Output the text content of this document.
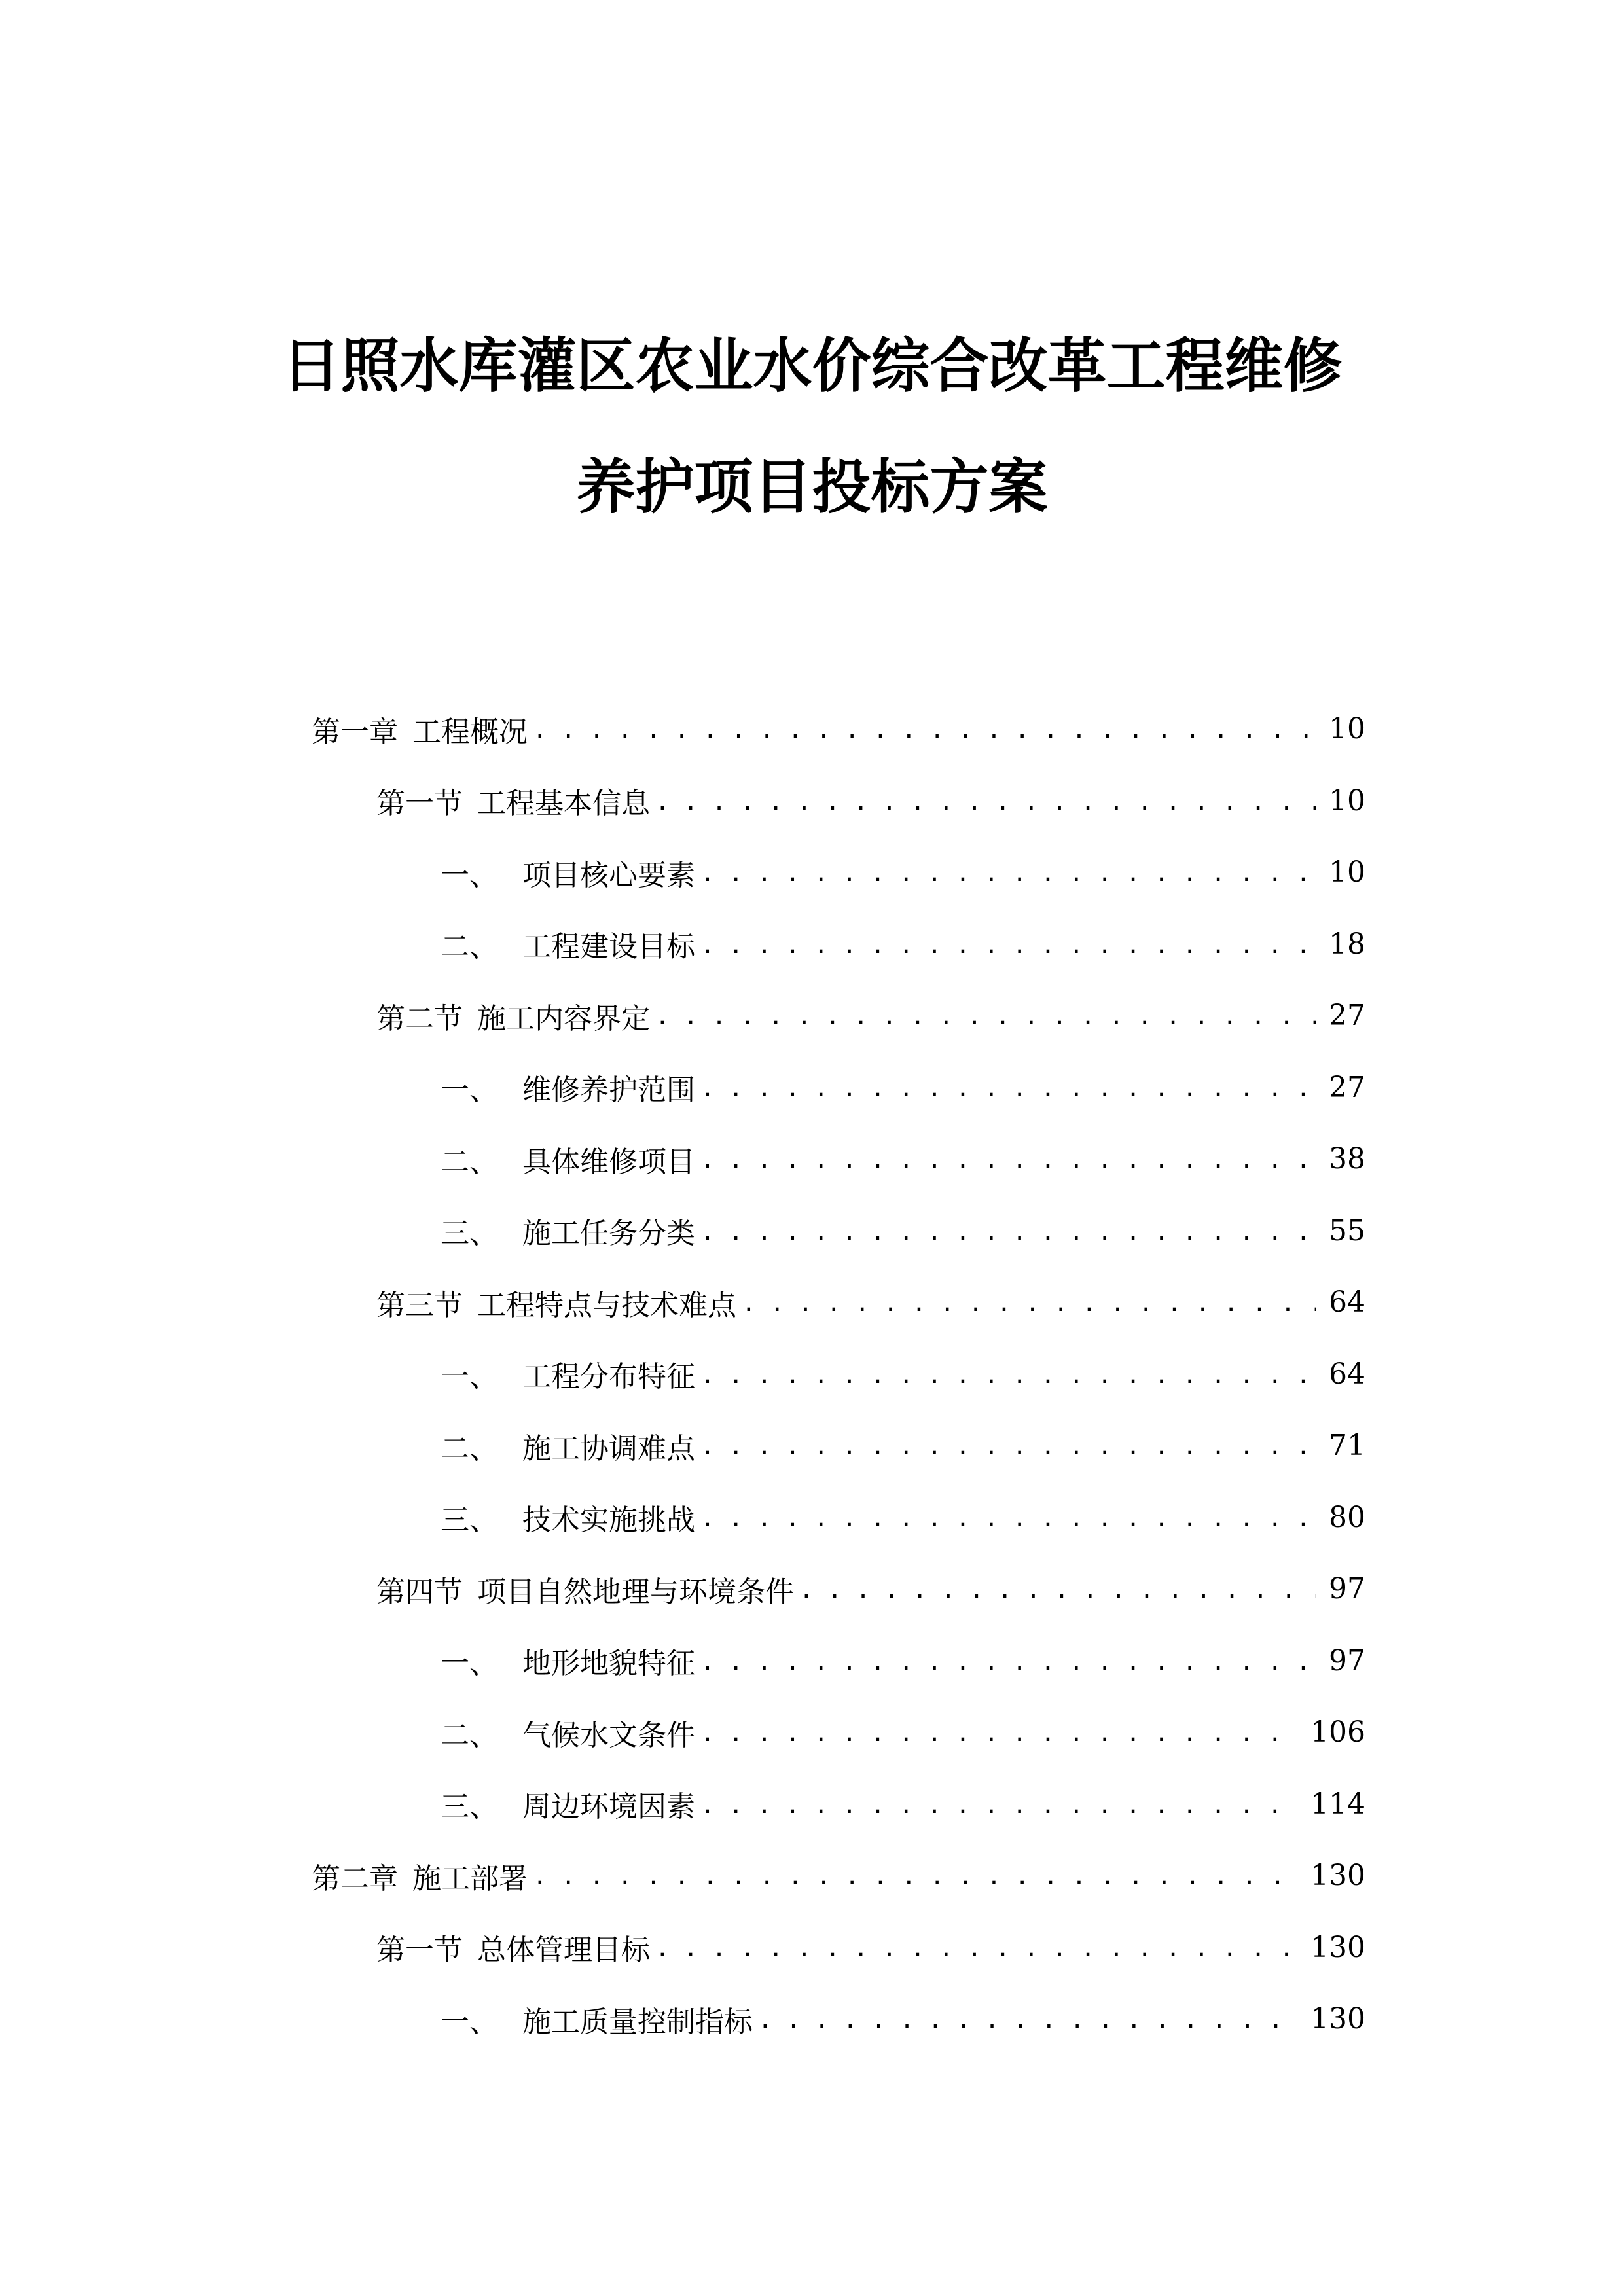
日照水库灌区农业水价综合改革工程维修
养护项目投标方案
第一章 工程概况 . . .	10
第一节 工程基本信息 . . .	10
一、 项目核心要素 . . .	10
二、 工程建设目标 . . .	18
第二节 施工内容界定 . . .	27
一、 维修养护范围 . . .	27
二、 具体维修项目 . . .	38
三、 施工任务分类 . . .	55
第三节 工程特点与技术难点 . . .	64
一、 工程分布特征 . . .	64
二、 施工协调难点 . . .	71
三、 技术实施挑战 . . .	80
第四节 项目自然地理与环境条件 . . .	97
一、 地形地貌特征 . . .	97
二、 气候水文条件 . . .	106
三、 周边环境因素 . . .	114
第二章 施工部署 . . .	130
第一节 总体管理目标 . . .	130
一、 施工质量控制指标 . . .	130
